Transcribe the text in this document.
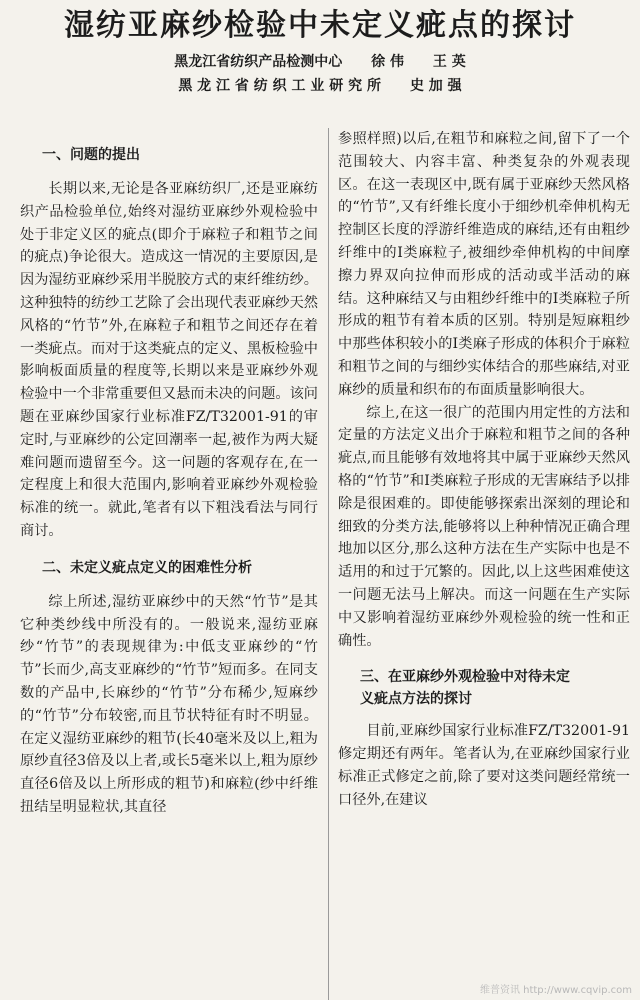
湿纺亚麻纱检验中未定义疵点的探讨
黑龙江省纺织产品检测中心 徐 伟 王 英
黑 龙 江 省 纺 织 工 业 研 究 所 史 加 强
一、问题的提出

长期以来,无论是各亚麻纺织厂,还是亚麻纺织产品检验单位,始终对湿纺亚麻纱外观检验中处于非定义区的疵点(即介于麻粒子和粗节之间的疵点)争论很大。造成这一情况的主要原因,是因为湿纺亚麻纱采用半脱胶方式的束纤维纺纱。这种独特的纺纱工艺除了会出现代表亚麻纱天然风格的“竹节”外,在麻粒子和粗节之间还存在着一类疵点。而对于这类疵点的定义、黑板检验中影响板面质量的程度等,长期以来是亚麻纱外观检验中一个非常重要但又悬而未决的问题。该问题在亚麻纱国家行业标准FZ/T32001-91的审定时,与亚麻纱的公定回潮率一起,被作为两大疑难问题而遗留至今。这一问题的客观存在,在一定程度上和很大范围内,影响着亚麻纱外观检验标准的统一。就此,笔者有以下粗浅看法与同行商讨。

二、未定义疵点定义的困难性分析

综上所述,湿纺亚麻纱中的天然“竹节”是其它种类纱线中所没有的。一般说来,湿纺亚麻纱“竹节”的表现规律为:中低支亚麻纱的“竹节”长而少,高支亚麻纱的“竹节”短而多。在同支数的产品中,长麻纱的“竹节”分布稀少,短麻纱的“竹节”分布较密,而且节状特征有时不明显。在定义湿纺亚麻纱的粗节(长40毫米及以上,粗为原纱直径3倍及以上者,或长5毫米以上,粗为原纱直径6倍及以上所形成的粗节)和麻粒(纱中纤维扭结呈明显粒状,其直径

参照样照)以后,在粗节和麻粒之间,留下了一个范围较大、内容丰富、种类复杂的外观表现区。在这一表现区中,既有属于亚麻纱天然风格的“竹节”,又有纤维长度小于细纱机牵伸机构无控制区长度的浮游纤维造成的麻结,还有由粗纱纤维中的Ⅰ类麻粒子,被细纱牵伸机构的中间摩擦力界双向拉伸而形成的活动或半活动的麻结。这种麻结又与由粗纱纤维中的Ⅰ类麻粒子所形成的粗节有着本质的区别。特别是短麻粗纱中那些体积较小的Ⅰ类麻子形成的体积介于麻粒和粗节之间的与细纱实体结合的那些麻结,对亚麻纱的质量和织布的布面质量影响很大。

综上,在这一很广的范围内用定性的方法和定量的方法定义出介于麻粒和粗节之间的各种疵点,而且能够有效地将其中属于亚麻纱天然风格的“竹节”和Ⅰ类麻粒子形成的无害麻结予以排除是很困难的。即使能够探索出深刻的理论和细致的分类方法,能够将以上种种情况正确合理地加以区分,那么这种方法在生产实际中也是不适用的和过于冗繁的。因此,以上这些困难使这一问题无法马上解决。而这一问题在生产实际中又影响着湿纺亚麻纱外观检验的统一性和正确性。

三、在亚麻纱外观检验中对待未定
义疵点方法的探讨

目前,亚麻纱国家行业标准FZ/T32001-91修定期还有两年。笔者认为,在亚麻纱国家行业标准正式修定之前,除了要对这类问题经常统一口径外,在建议

维普资讯 http://www.cqvip.com
